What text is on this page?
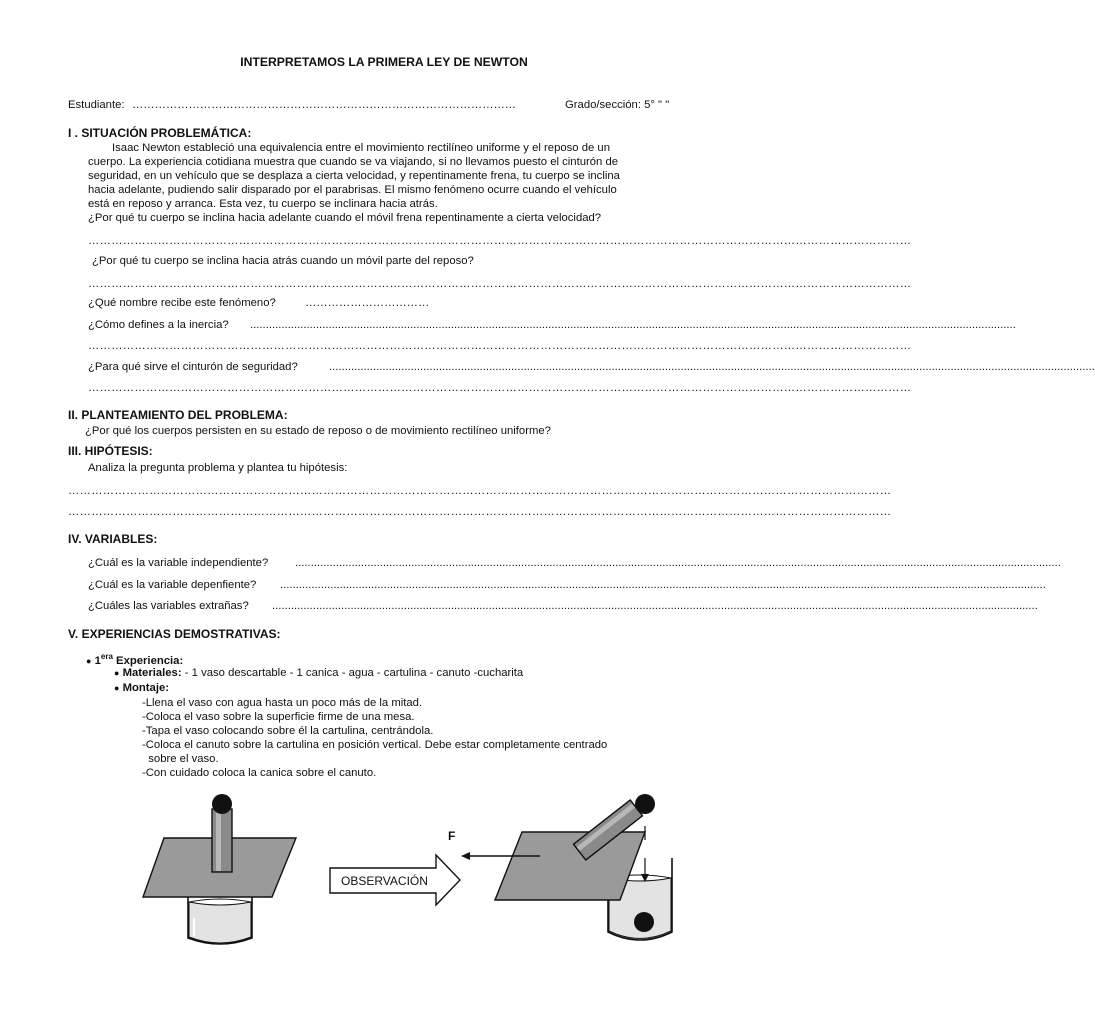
INTERPRETAMOS LA PRIMERA LEY DE NEWTON
Estudiante: …………………………………………………………………………………………	Grado/sección: 5° " "
I . SITUACIÓN PROBLEMÁTICA:
Isaac Newton estableció una equivalencia entre el movimiento rectilíneo uniforme y el reposo de un
cuerpo. La experiencia cotidiana muestra que cuando se va viajando, si no llevamos puesto el cinturón de
seguridad, en un vehículo que se desplaza a cierta velocidad, y repentinamente frena, tu cuerpo se inclina
hacia adelante, pudiendo salir disparado por el parabrisas. El mismo fenómeno ocurre cuando el vehículo
está en reposo y arranca. Esta vez, tu cuerpo se inclinara hacia atrás.
¿Por qué tu cuerpo se inclina hacia adelante cuando el móvil frena repentinamente a cierta velocidad?
……………………………………………………………………………………………………………………………………………………………………………………………
¿Por qué tu cuerpo se inclina hacia atrás cuando un móvil parte del reposo?
……………………………………………………………………………………………………………………………………………………………………………………………
¿Qué nombre recibe este fenómeno?	……………………………
¿Cómo defines a la inercia? ....................................................................................................................................................................................................................................................
……………………………………………………………………………………………………………………………………………………………………………………………
¿Para qué sirve el cinturón de seguridad?	....................................................................................................................................................................................................................................................
……………………………………………………………………………………………………………………………………………………………………………………………
II. PLANTEAMIENTO DEL PROBLEMA:
¿Por qué los cuerpos persisten en su estado de reposo o de movimiento rectilíneo uniforme?
III. HIPÓTESIS:
Analiza la pregunta problema y plantea tu hipótesis:
……………………………………………………………………………………………………………………………………………………………………………………………
……………………………………………………………………………………………………………………………………………………………………………………………
IV. VARIABLES:
¿Cuál es la variable independiente? ....................................................................................................................................................................................................................................................
¿Cuál es la variable depenfiente? ....................................................................................................................................................................................................................................................
¿Cuáles las variables extrañas? ....................................................................................................................................................................................................................................................
V. EXPERIENCIAS DEMOSTRATIVAS:
● $1^{era}$ Experiencia:
● Materiales: - 1 vaso descartable - 1 canica - agua - cartulina - canuto -cucharita
● Montaje:
-Llena el vaso con agua hasta un poco más de la mitad.
-Coloca el vaso sobre la superficie firme de una mesa.
-Tapa el vaso colocando sobre él la cartulina, centrándola.
-Coloca el canuto sobre la cartulina en posición vertical. Debe estar completamente centrado
sobre el vaso.
-Con cuidado coloca la canica sobre el canuto.
OBSERVACIÓN
F
